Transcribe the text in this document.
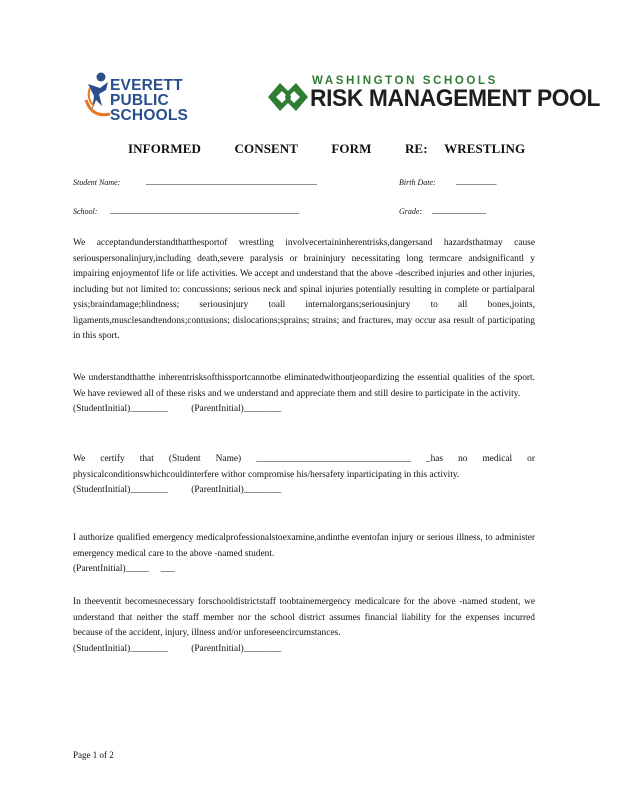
EVERETT
PUBLIC
SCHOOLS
WASHINGTON SCHOOLS
RISK MANAGEMENT POOL
INFORMED          CONSENT          FORM          RE:     WRESTLING
Student Name:	______________________________________	Birth Date: _________
School: __________________________________________	Grade: ____________

We acceptandunderstandthatthesportof wrestling involvecertaininherentrisks,dangersand hazardsthatmay cause seriouspersonalinjury,including death,severe paralysis or braininjury necessitating long termcare andsignificantl y impairing enjoymentof life or life activities. We accept and understand that the above -described injuries and other injuries, including but not limited to: concussions; serious neck and spinal injuries potentially resulting in complete or partialparal ysis;braindamage;blindness; seriousinjury toall internalorgans;seriousinjury to all bones,joints, ligaments,musclesandtendons;contusions; dislocations;sprains; strains; and fractures, may occur asa result of participating in this sport.

We understandthatthe inherentrisksofthissportcannotbe eliminatedwithoutjeopardizing the essential qualities of the sport. We have reviewed all of these risks and we understand and appreciate them and still desire to participate in the activity.

(StudentInitial)________          (ParentInitial)________

We certify that (Student Name) _________________________________ _has no medical or physicalconditionswhichcouldinterfere withor compromise his/hersafety inparticipating in this activity.

(StudentInitial)________          (ParentInitial)________

I authorize qualified emergency medicalprofessionalstoexamine,andinthe eventofan injury or serious illness, to administer emergency medical care to the above -named student.

(ParentInitial)_____     ___

In theeventit becomesnecessary forschooldistrictstaff toobtainemergency medicalcare for the above -named student, we understand that neither the staff member nor the school district assumes financial liability for the expenses incurred because of the accident, injury, illness and/or unforeseencircumstances.

(StudentInitial)________          (ParentInitial)________

Page 1 of 2
